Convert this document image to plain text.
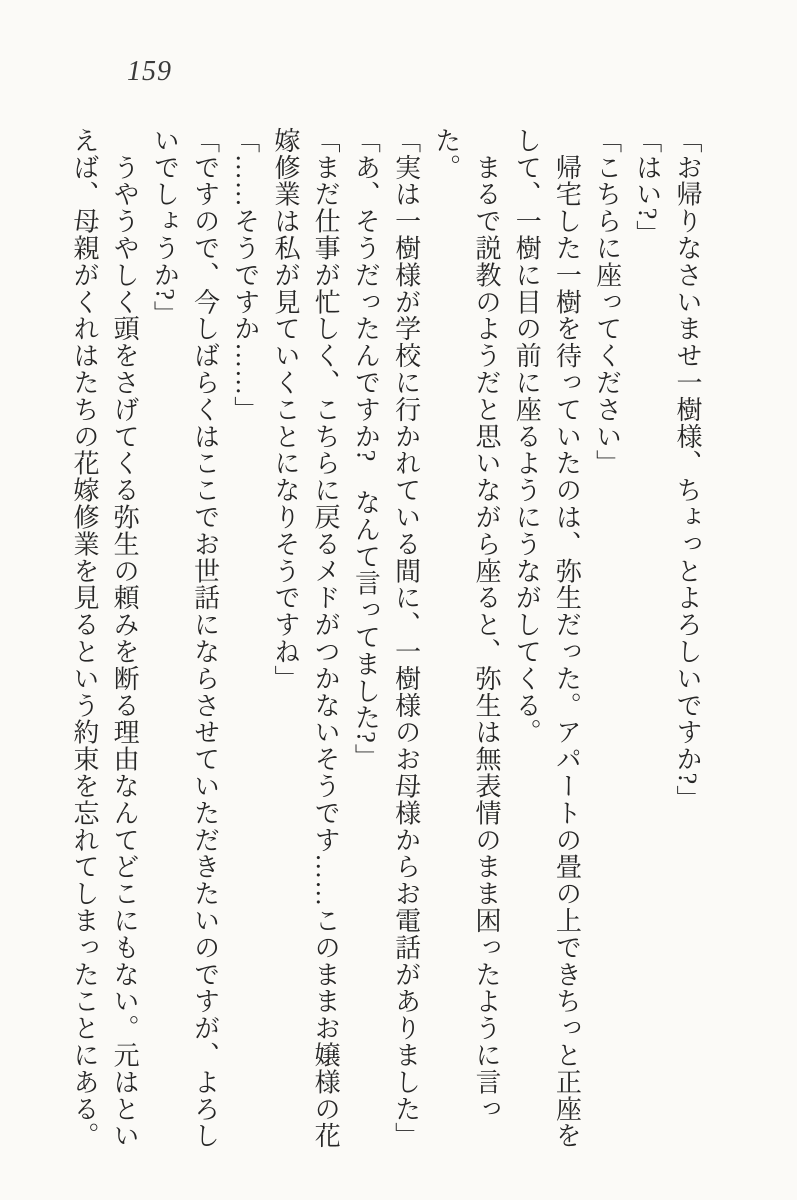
159

「お帰りなさいませ一樹様、ちょっとよろしいですか?」

「はい?」

「こちらに座ってください」

　帰宅した一樹を待っていたのは、弥生だった。アパートの畳の上できちっと正座を

して、一樹に目の前に座るようにうながしてくる。

　まるで説教のようだと思いながら座ると、弥生は無表情のまま困ったように言った。

「実は一樹様が学校に行かれている間に、一樹様のお母様からお電話がありました」

「あ、そうだったんですか?　なんて言ってました?」

「まだ仕事が忙しく、こちらに戻るメドがつかないそうです……このままお嬢様の花

嫁修業は私が見ていくことになりそうですね」

「……そうですか……」

「ですので、今しばらくはここでお世話にならさせていただきたいのですが、よろし

いでしょうか?」

　うやうやしく頭をさげてくる弥生の頼みを断る理由なんてどこにもない。元はとい

えば、母親がくれはたちの花嫁修業を見るという約束を忘れてしまったことにある。
